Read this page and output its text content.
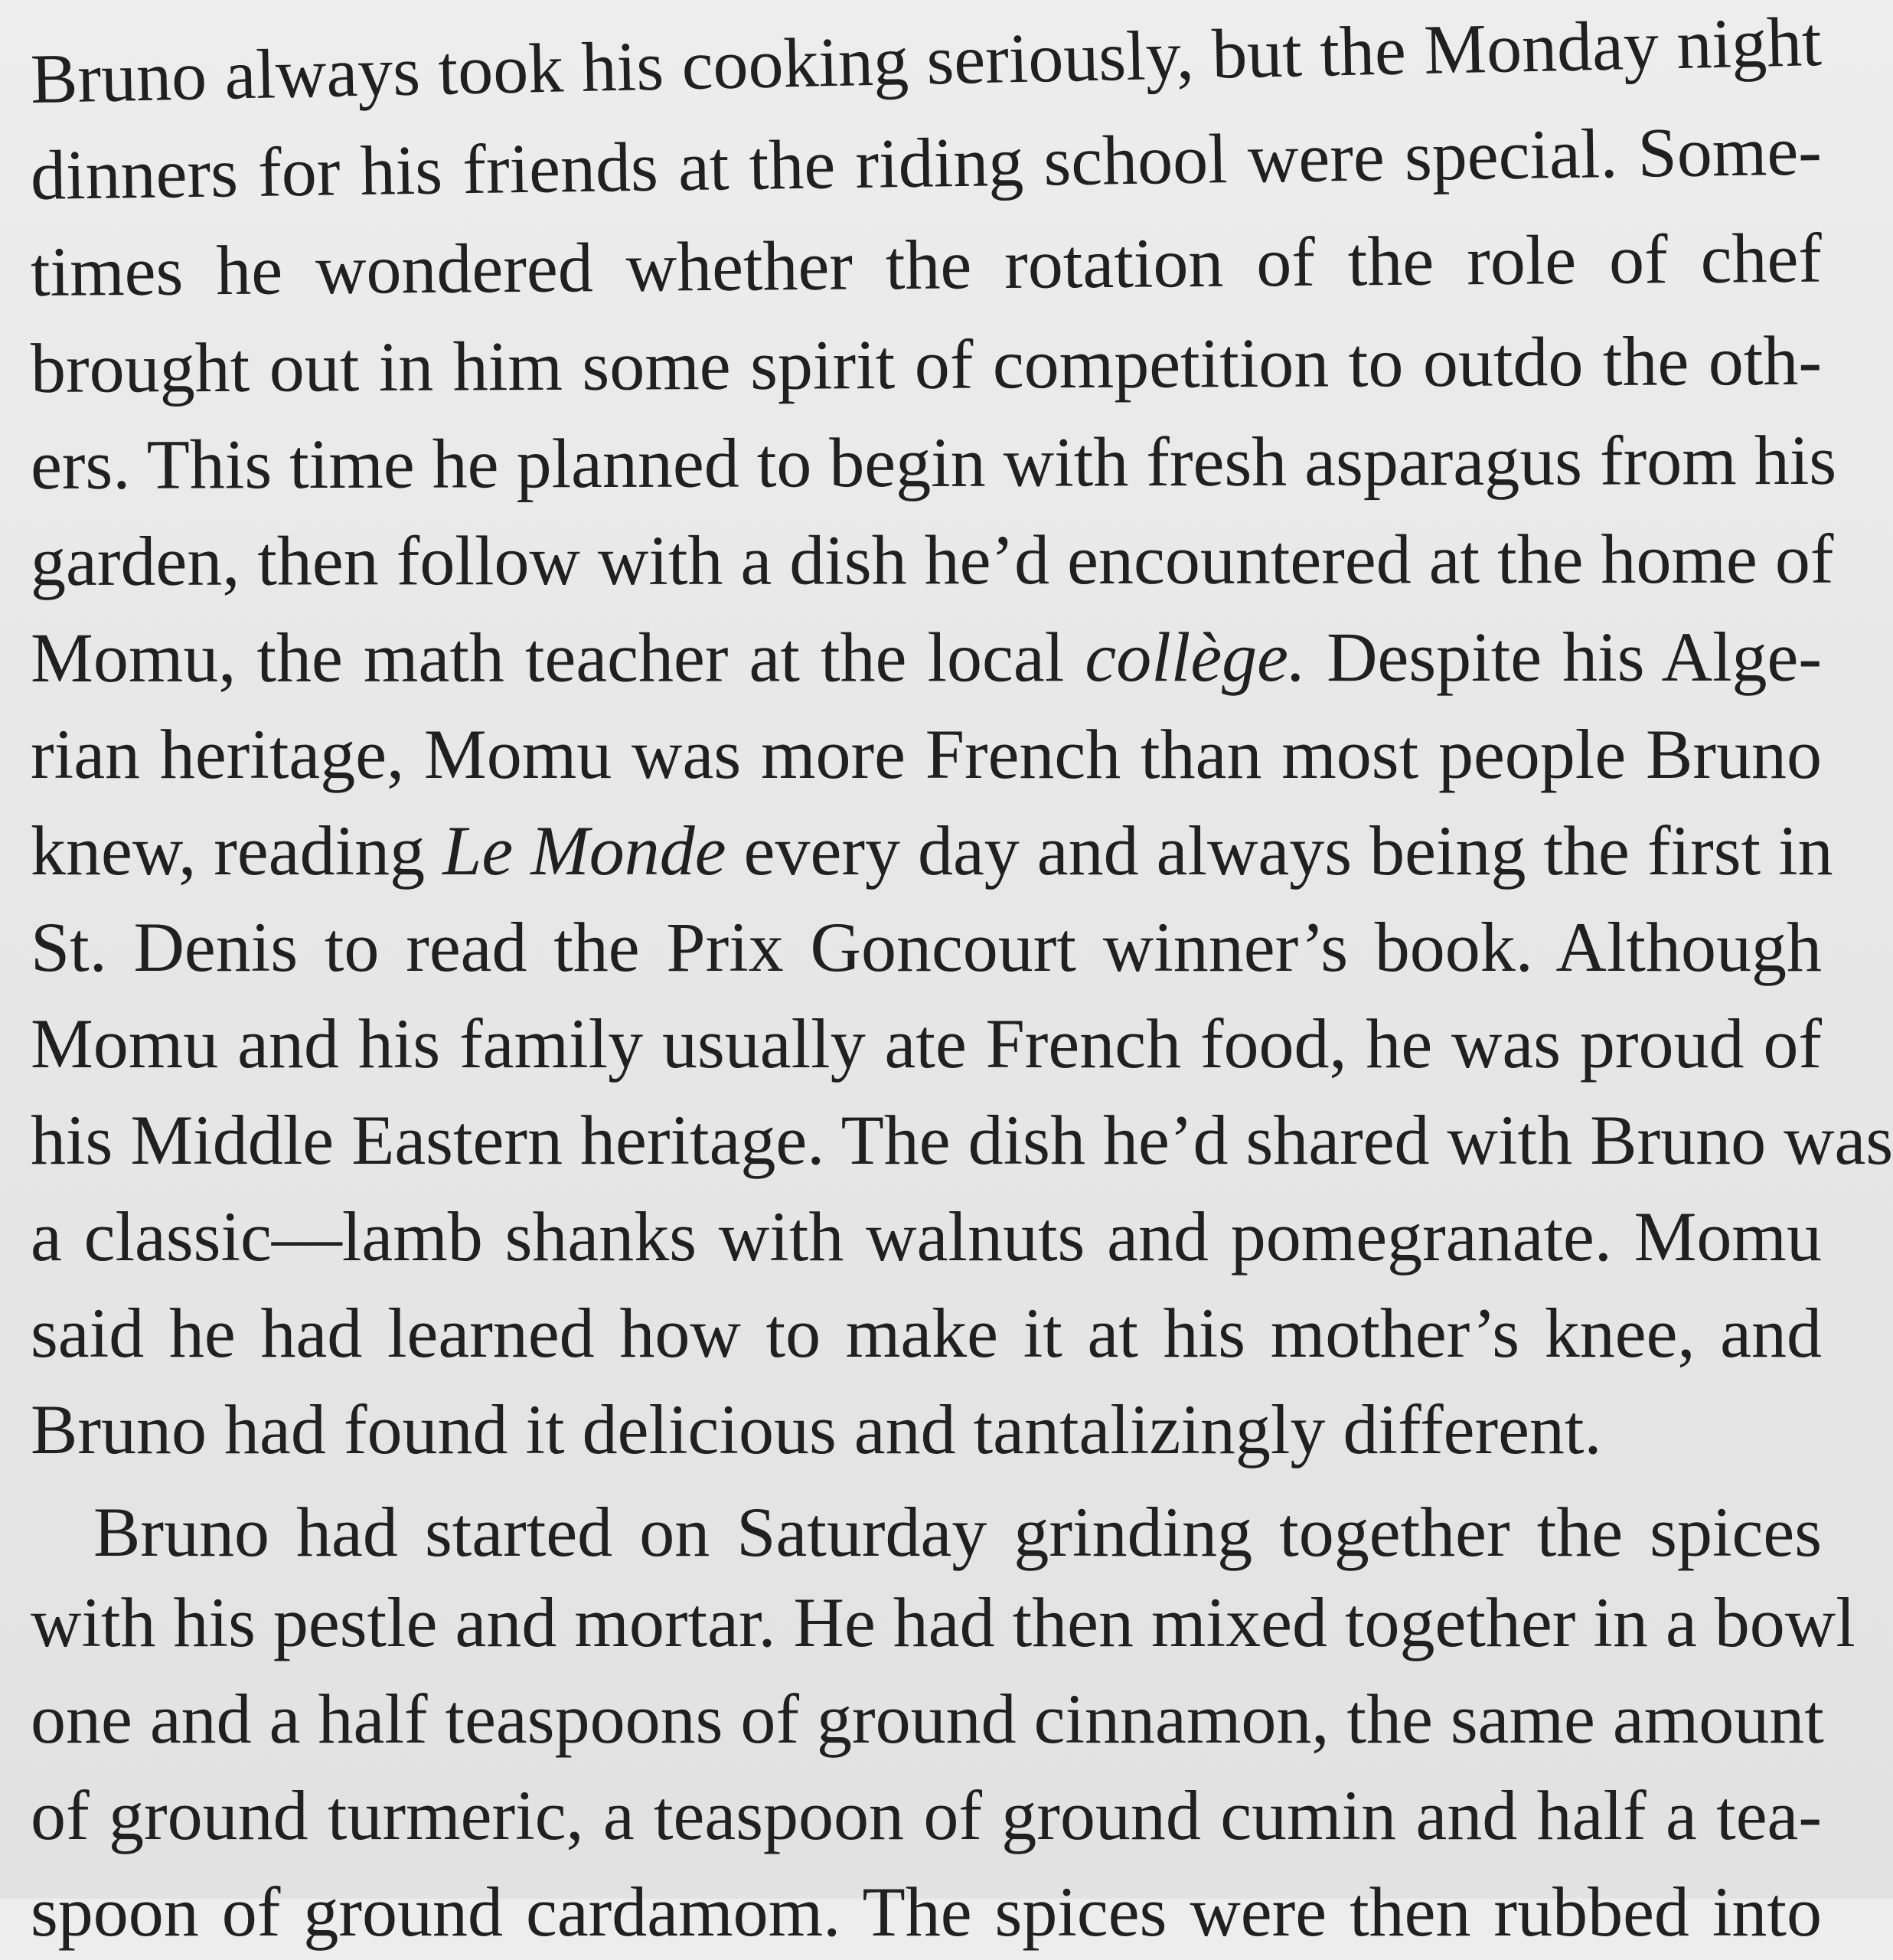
Bruno always took his cooking seriously, but the Monday night
dinners for his friends at the riding school were special. Some-
times he wondered whether the rotation of the role of chef
brought out in him some spirit of competition to outdo the oth-
ers. This time he planned to begin with fresh asparagus from his
garden, then follow with a dish he’d encountered at the home of
Momu, the math teacher at the local collège. Despite his Alge-
rian heritage, Momu was more French than most people Bruno
knew, reading Le Monde every day and always being the first in
St. Denis to read the Prix Goncourt winner’s book. Although
Momu and his family usually ate French food, he was proud of
his Middle Eastern heritage. The dish he’d shared with Bruno was
a classic—lamb shanks with walnuts and pomegranate. Momu
said he had learned how to make it at his mother’s knee, and
Bruno had found it delicious and tantalizingly different.
Bruno had started on Saturday grinding together the spices
with his pestle and mortar. He had then mixed together in a bowl
one and a half teaspoons of ground cinnamon, the same amount
of ground turmeric, a teaspoon of ground cumin and half a tea-
spoon of ground cardamom. The spices were then rubbed into
